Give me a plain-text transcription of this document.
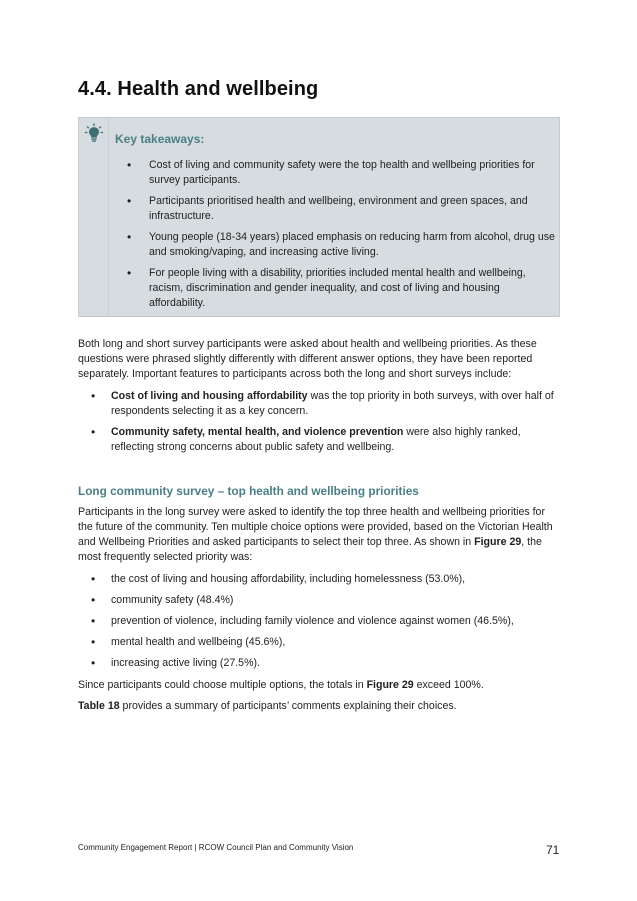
4.4. Health and wellbeing

Key takeaways:

• Cost of living and community safety were the top health and wellbeing priorities for survey participants.
• Participants prioritised health and wellbeing, environment and green spaces, and infrastructure.
• Young people (18-34 years) placed emphasis on reducing harm from alcohol, drug use and smoking/vaping, and increasing active living.
• For people living with a disability, priorities included mental health and wellbeing, racism, discrimination and gender inequality, and cost of living and housing affordability.

Both long and short survey participants were asked about health and wellbeing priorities. As these questions were phrased slightly differently with different answer options, they have been reported separately. Important features to participants across both the long and short surveys include:

• Cost of living and housing affordability was the top priority in both surveys, with over half of respondents selecting it as a key concern.
• Community safety, mental health, and violence prevention were also highly ranked, reflecting strong concerns about public safety and wellbeing.

Long community survey – top health and wellbeing priorities

Participants in the long survey were asked to identify the top three health and wellbeing priorities for the future of the community. Ten multiple choice options were provided, based on the Victorian Health and Wellbeing Priorities and asked participants to select their top three. As shown in Figure 29, the most frequently selected priority was:

• the cost of living and housing affordability, including homelessness (53.0%),
• community safety (48.4%)
• prevention of violence, including family violence and violence against women (46.5%),
• mental health and wellbeing (45.6%),
• increasing active living (27.5%).

Since participants could choose multiple options, the totals in Figure 29 exceed 100%.

Table 18 provides a summary of participants’ comments explaining their choices.

Community Engagement Report | RCOW Council Plan and Community Vision	71
